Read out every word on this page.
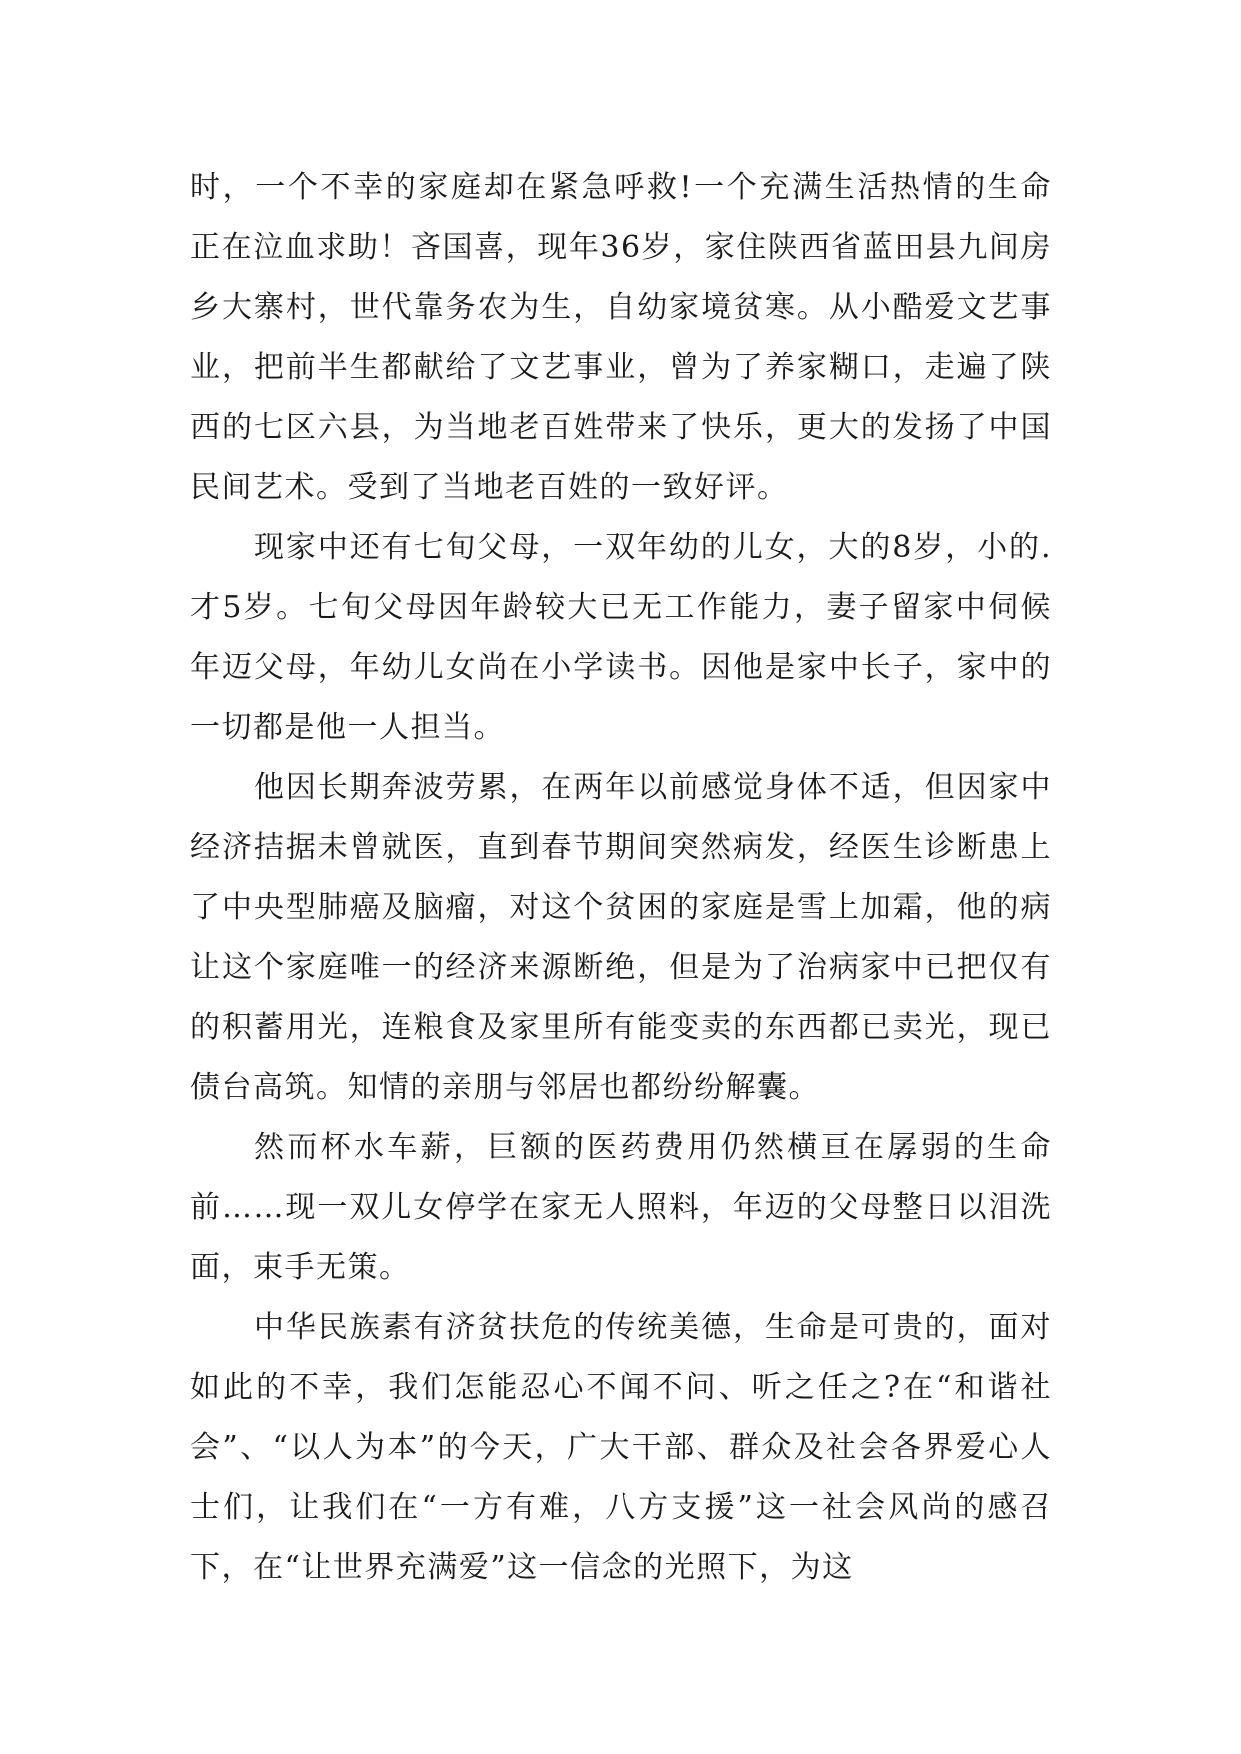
时，一个不幸的家庭却在紧急呼救!一个充满生活热情的生命正在泣血求助！吝国喜，现年36岁，家住陕西省蓝田县九间房乡大寨村，世代靠务农为生，自幼家境贫寒。从小酷爱文艺事业，把前半生都献给了文艺事业，曾为了养家糊口，走遍了陕西的七区六县，为当地老百姓带来了快乐，更大的发扬了中国民间艺术。受到了当地老百姓的一致好评。

现家中还有七旬父母，一双年幼的儿女，大的8岁，小的.才5岁。七旬父母因年龄较大已无工作能力，妻子留家中伺候年迈父母，年幼儿女尚在小学读书。因他是家中长子，家中的一切都是他一人担当。

他因长期奔波劳累，在两年以前感觉身体不适，但因家中经济拮据未曾就医，直到春节期间突然病发，经医生诊断患上了中央型肺癌及脑瘤，对这个贫困的家庭是雪上加霜，他的病让这个家庭唯一的经济来源断绝，但是为了治病家中已把仅有的积蓄用光，连粮食及家里所有能变卖的东西都已卖光，现已债台高筑。知情的亲朋与邻居也都纷纷解囊。

然而杯水车薪，巨额的医药费用仍然横亘在孱弱的生命前……现一双儿女停学在家无人照料，年迈的父母整日以泪洗面，束手无策。

中华民族素有济贫扶危的传统美德，生命是可贵的，面对如此的不幸，我们怎能忍心不闻不问、听之任之?在“和谐社会”、“以人为本”的今天，广大干部、群众及社会各界爱心人士们，让我们在“一方有难，八方支援”这一社会风尚的感召下，在“让世界充满爱”这一信念的光照下，为这
